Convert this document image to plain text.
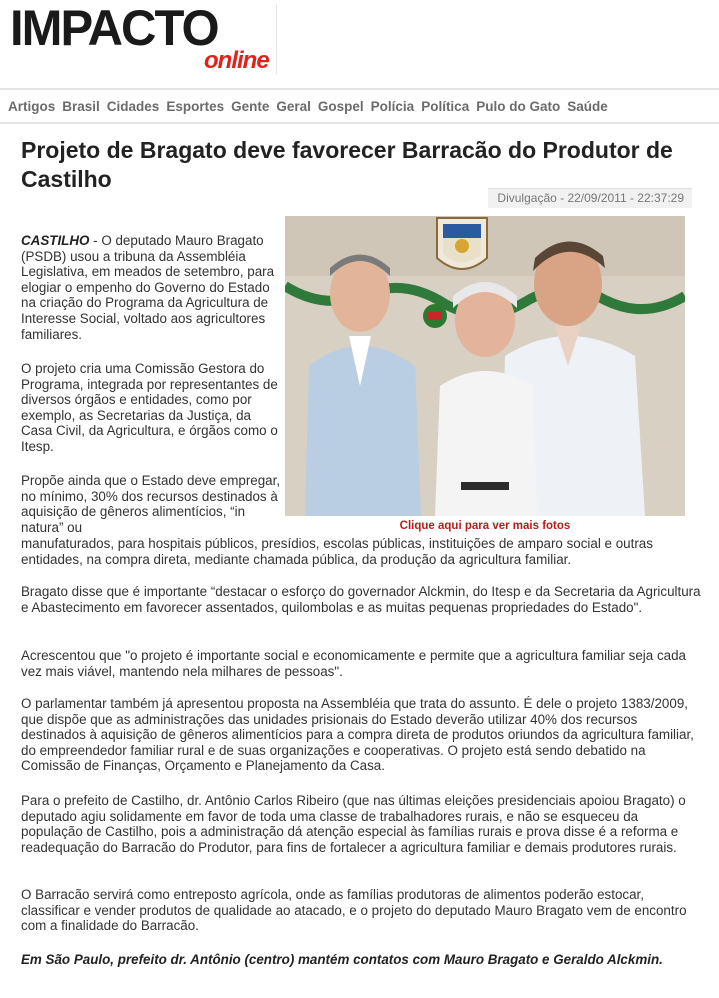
IMPACTO
online
Artigos Brasil Cidades Esportes Gente Geral Gospel Polícia Política Pulo do Gato Saúde
Projeto de Bragato deve favorecer Barracão do Produtor de Castilho
Divulgação - 22/09/2011 - 22:37:29
Clique aqui para ver mais fotos
CASTILHO - O deputado Mauro Bragato (PSDB) usou a tribuna da Assembléia Legislativa, em meados de setembro, para elogiar o empenho do Governo do Estado na criação do Programa da Agricultura de Interesse Social, voltado aos agricultores familiares.
O projeto cria uma Comissão Gestora do Programa, integrada por representantes de diversos órgãos e entidades, como por exemplo, as Secretarias da Justiça, da Casa Civil, da Agricultura, e órgãos como o Itesp.
Propõe ainda que o Estado deve empregar, no mínimo, 30% dos recursos destinados à aquisição de gêneros alimentícios, “in natura” ou
manufaturados, para hospitais públicos, presídios, escolas públicas, instituições de amparo social e outras entidades, na compra direta, mediante chamada pública, da produção da agricultura familiar.
Bragato disse que é importante “destacar o esforço do governador Alckmin, do Itesp e da Secretaria da Agricultura e Abastecimento em favorecer assentados, quilombolas e as muitas pequenas propriedades do Estado".
Acrescentou que "o projeto é importante social e economicamente e permite que a agricultura familiar seja cada vez mais viável, mantendo nela milhares de pessoas".
O parlamentar também já apresentou proposta na Assembléia que trata do assunto. É dele o projeto 1383/2009, que dispõe que as administrações das unidades prisionais do Estado deverão utilizar 40% dos recursos destinados à aquisição de gêneros alimentícios para a compra direta de produtos oriundos da agricultura familiar, do empreendedor familiar rural e de suas organizações e cooperativas. O projeto está sendo debatido na Comissão de Finanças, Orçamento e Planejamento da Casa.
Para o prefeito de Castilho, dr. Antônio Carlos Ribeiro (que nas últimas eleições presidenciais apoiou Bragato) o deputado agiu solidamente em favor de toda uma classe de trabalhadores rurais, e não se esqueceu da população de Castilho, pois a administração dá atenção especial às famílias rurais e prova disse é a reforma e readequação do Barracão do Produtor, para fins de fortalecer a agricultura familiar e demais produtores rurais.
O Barracão servirá como entreposto agrícola, onde as famílias produtoras de alimentos poderão estocar, classificar e vender produtos de qualidade ao atacado, e o projeto do deputado Mauro Bragato vem de encontro com a finalidade do Barracão.
Em São Paulo, prefeito dr. Antônio (centro) mantém contatos com Mauro Bragato e Geraldo Alckmin.
